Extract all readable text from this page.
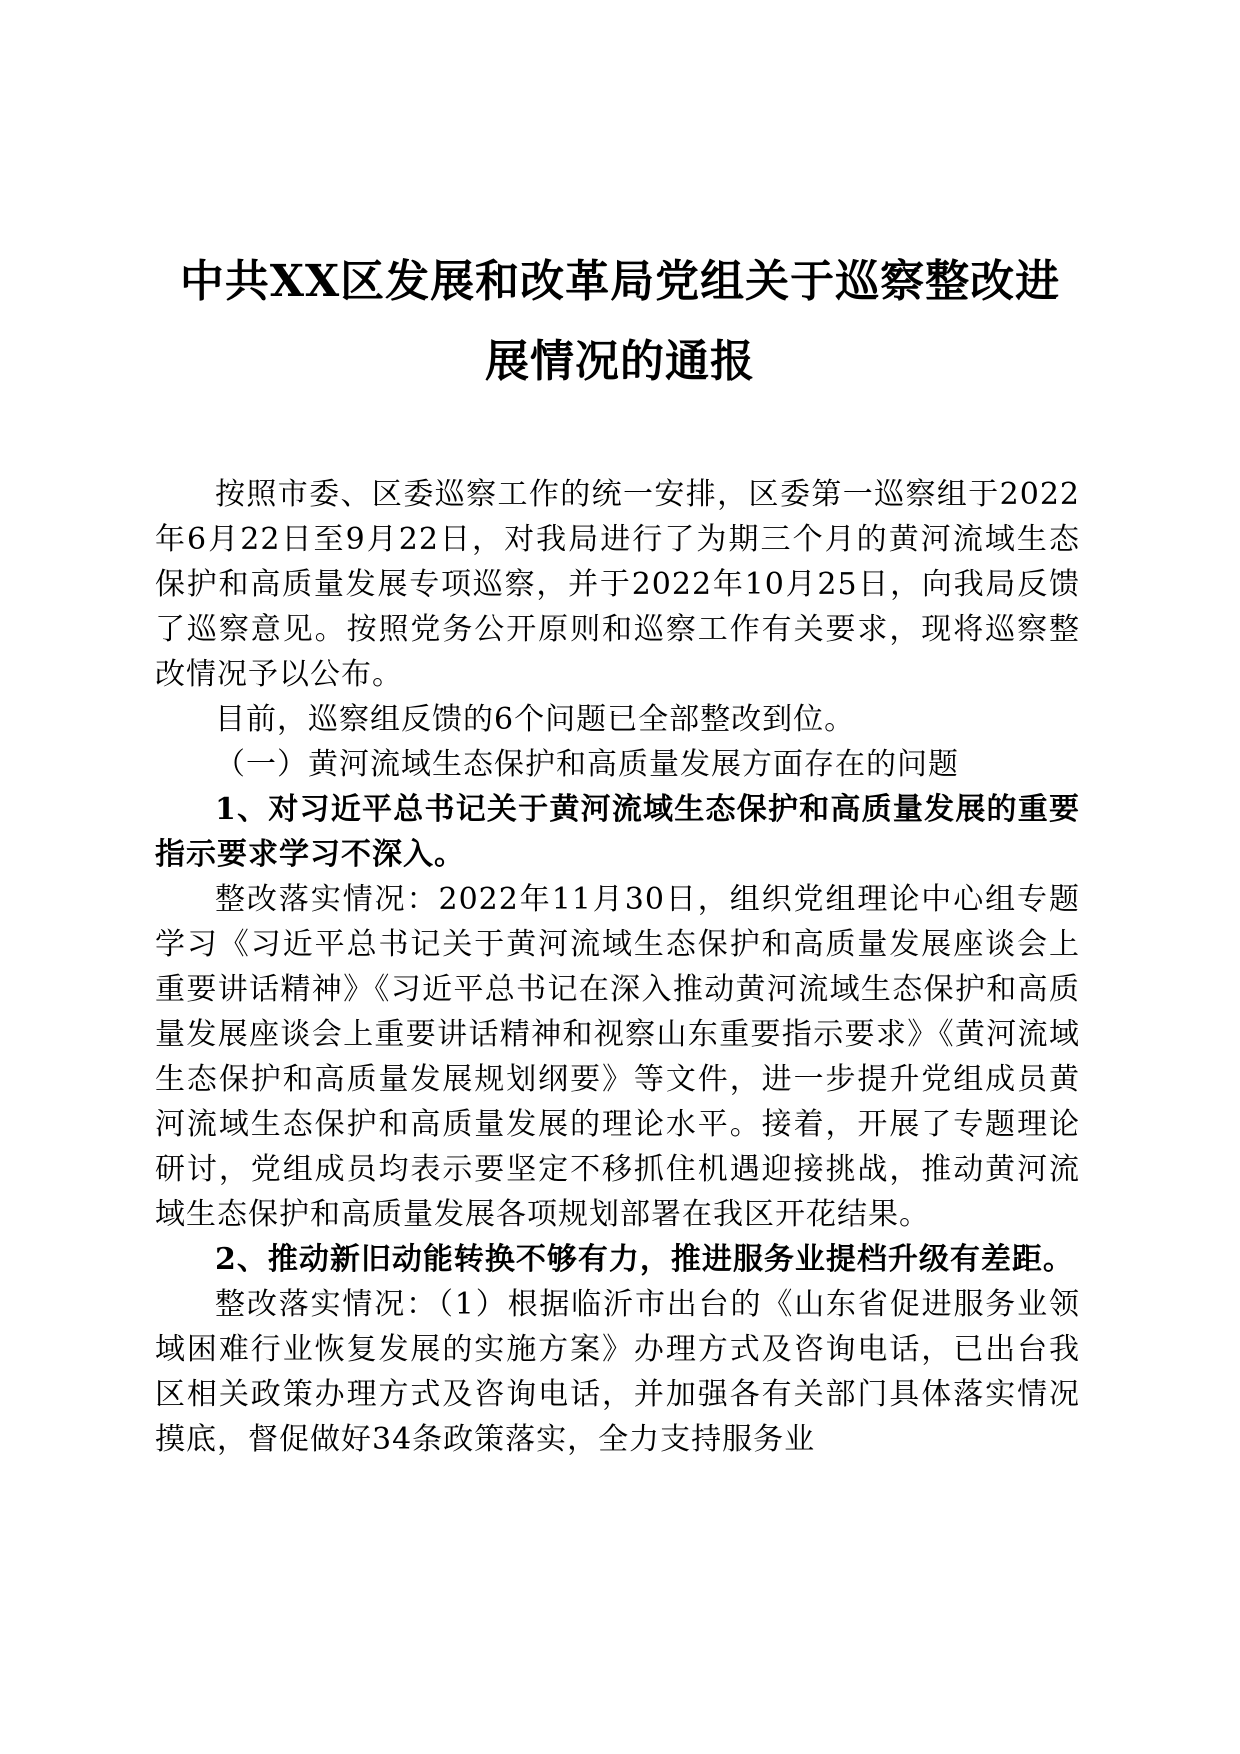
中共XX区发展和改革局党组关于巡察整改进
展情况的通报

按照市委、区委巡察工作的统一安排，区委第一巡察组于2022年6月22日至9月22日，对我局进行了为期三个月的黄河流域生态保护和高质量发展专项巡察，并于2022年10月25日，向我局反馈了巡察意见。按照党务公开原则和巡察工作有关要求，现将巡察整改情况予以公布。

目前，巡察组反馈的6个问题已全部整改到位。

（一）黄河流域生态保护和高质量发展方面存在的问题

1、对习近平总书记关于黄河流域生态保护和高质量发展的重要指示要求学习不深入。

整改落实情况：2022年11月30日，组织党组理论中心组专题学习《习近平总书记关于黄河流域生态保护和高质量发展座谈会上重要讲话精神》《习近平总书记在深入推动黄河流域生态保护和高质量发展座谈会上重要讲话精神和视察山东重要指示要求》《黄河流域生态保护和高质量发展规划纲要》等文件，进一步提升党组成员黄河流域生态保护和高质量发展的理论水平。接着，开展了专题理论研讨，党组成员均表示要坚定不移抓住机遇迎接挑战，推动黄河流域生态保护和高质量发展各项规划部署在我区开花结果。

2、推动新旧动能转换不够有力，推进服务业提档升级有差距。

整改落实情况：（1）根据临沂市出台的《山东省促进服务业领域困难行业恢复发展的实施方案》办理方式及咨询电话，已出台我区相关政策办理方式及咨询电话，并加强各有关部门具体落实情况摸底，督促做好34条政策落实，全力支持服务业
